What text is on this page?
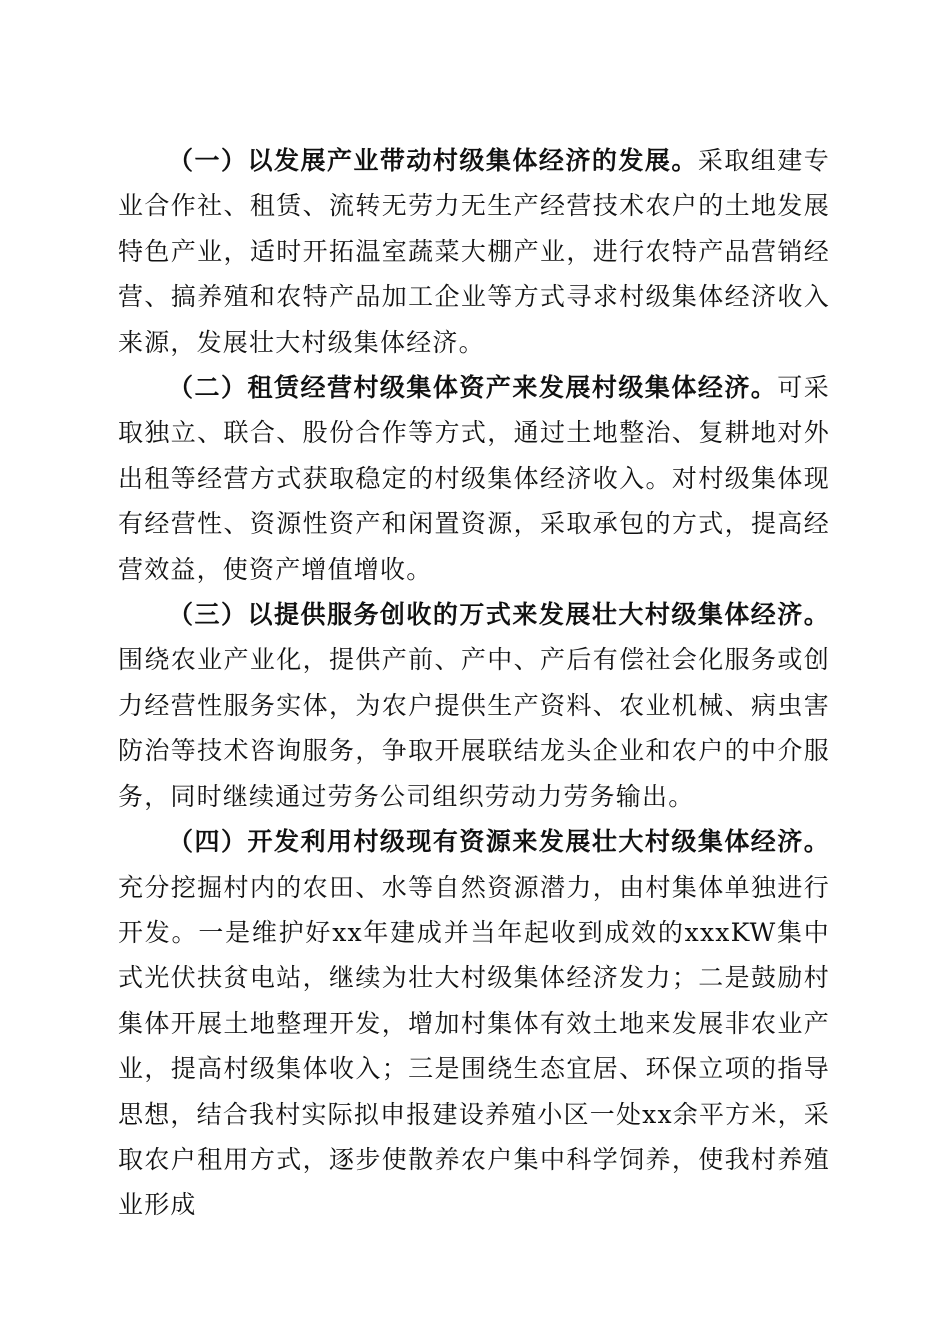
（一）以发展产业带动村级集体经济的发展。采取组建专业合作社、租赁、流转无劳力无生产经营技术农户的土地发展特色产业，适时开拓温室蔬菜大棚产业，进行农特产品营销经营、搞养殖和农特产品加工企业等方式寻求村级集体经济收入来源，发展壮大村级集体经济。

（二）租赁经营村级集体资产来发展村级集体经济。可采取独立、联合、股份合作等方式，通过土地整治、复耕地对外出租等经营方式获取稳定的村级集体经济收入。对村级集体现有经营性、资源性资产和闲置资源，采取承包的方式，提高经营效益，使资产增值增收。

（三）以提供服务创收的万式来发展壮大村级集体经济。围绕农业产业化，提供产前、产中、产后有偿社会化服务或创力经营性服务实体，为农户提供生产资料、农业机械、病虫害防治等技术咨询服务，争取开展联结龙头企业和农户的中介服务，同时继续通过劳务公司组织劳动力劳务输出。

（四）开发利用村级现有资源来发展壮大村级集体经济。充分挖掘村内的农田、水等自然资源潜力，由村集体单独进行开发。一是维护好xx年建成并当年起收到成效的xxxKW集中式光伏扶贫电站，继续为壮大村级集体经济发力；二是鼓励村集体开展土地整理开发，增加村集体有效土地来发展非农业产业，提高村级集体收入；三是围绕生态宜居、环保立项的指导思想，结合我村实际拟申报建设养殖小区一处xx余平方米，采取农户租用方式，逐步使散养农户集中科学饲养，使我村养殖业形成
